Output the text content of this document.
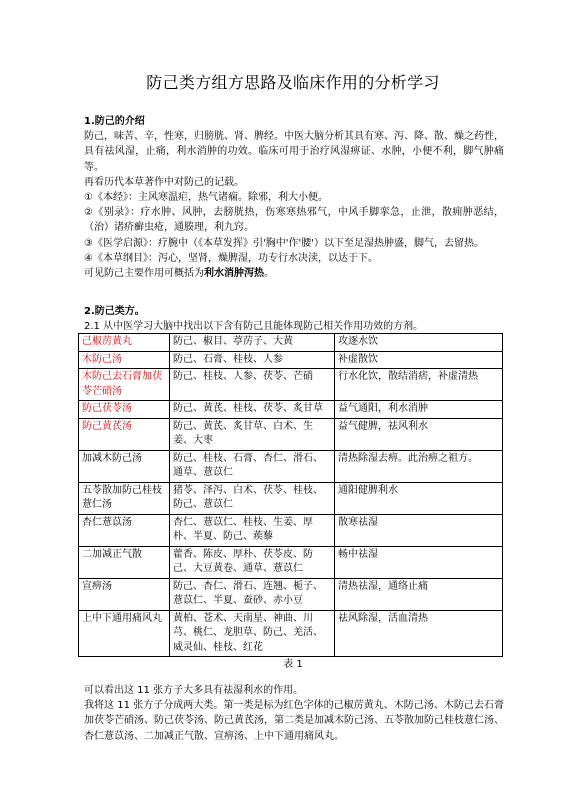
防己类方组方思路及临床作用的分析学习

1.防己的介绍

防己，味苦、辛，性寒，归膀胱、肾、脾经。中医大脑分析其具有寒、泻、降、散、燥之药性，具有祛风湿，止痛，利水消肿的功效。临床可用于治疗风湿痹证、水肿，小便不利，脚气肿痛等。

再看历代本草著作中对防己的记载。

①《本经》：主风寒温疟，热气诸痫。除邪，利大小便。

②《别录》：疗水肿、风肿，去膀胱热，伤寒寒热邪气，中风手脚挛急，止泄，散痈肿恶结，（治）诸疥癣虫疮，通腠理，利九窍。

③《医学启源》：疗腕中（《本草发挥》引'胸中'作'腰'）以下至足湿热肿盛，脚气，去留热。

④《本草纲目》：泻心，坚肾，燥脾湿，功专行水决渎，以达于下。

可见防己主要作用可概括为利水消肿泻热。

2.防己类方。

2.1 从中医学习大脑中找出以下含有防己且能体现防己相关作用功效的方剂。

己椒苈黄丸	防己、椒目、葶苈子、大黄	攻逐水饮
木防己汤	防己、石膏、桂枝、人参	补虚散饮
木防己去石膏加茯苓芒硝汤	防己、桂枝、人参、茯苓、芒硝	行水化饮，散结消痞，补虚清热
防己茯苓汤	防己、黄芪、桂枝、茯苓、炙甘草	益气通阳，利水消肿
防己黄芪汤	防己、黄芪、炙甘草、白术、生姜、大枣	益气健脾，祛风利水
加减木防己汤	防己、桂枝、石膏、杏仁、滑石、通草、薏苡仁	清热除湿去痹。此治痹之祖方。
五苓散加防己桂枝薏仁汤	猪苓、泽泻、白术、茯苓、桂枝、防己、薏苡仁	通阳健脾利水
杏仁薏苡汤	杏仁、薏苡仁、桂枝、生姜、厚朴、半夏、防己、蒺藜	散寒祛湿
二加减正气散	藿香、陈皮、厚朴、茯苓皮、防己、大豆黄卷、通草、薏苡仁	畅中祛湿
宣痹汤	防己、杏仁、滑石、连翘、栀子、薏苡仁、半夏、蚕砂、赤小豆	清热祛湿，通络止痛
上中下通用痛风丸	黄柏、苍术、天南星、神曲、川芎、桃仁、龙胆草、防己、羌活、威灵仙、桂枝、红花	祛风除湿，活血清热
表 1

可以看出这 11 张方子大多具有祛湿利水的作用。

我将这 11 张方子分成两大类。第一类是标为红色字体的己椒苈黄丸、木防己汤、木防己去石膏加茯苓芒硝汤、防己茯苓汤、防己黄芪汤，第二类是加减木防己汤、五苓散加防己桂枝薏仁汤、杏仁薏苡汤、二加减正气散、宣痹汤、上中下通用痛风丸。
